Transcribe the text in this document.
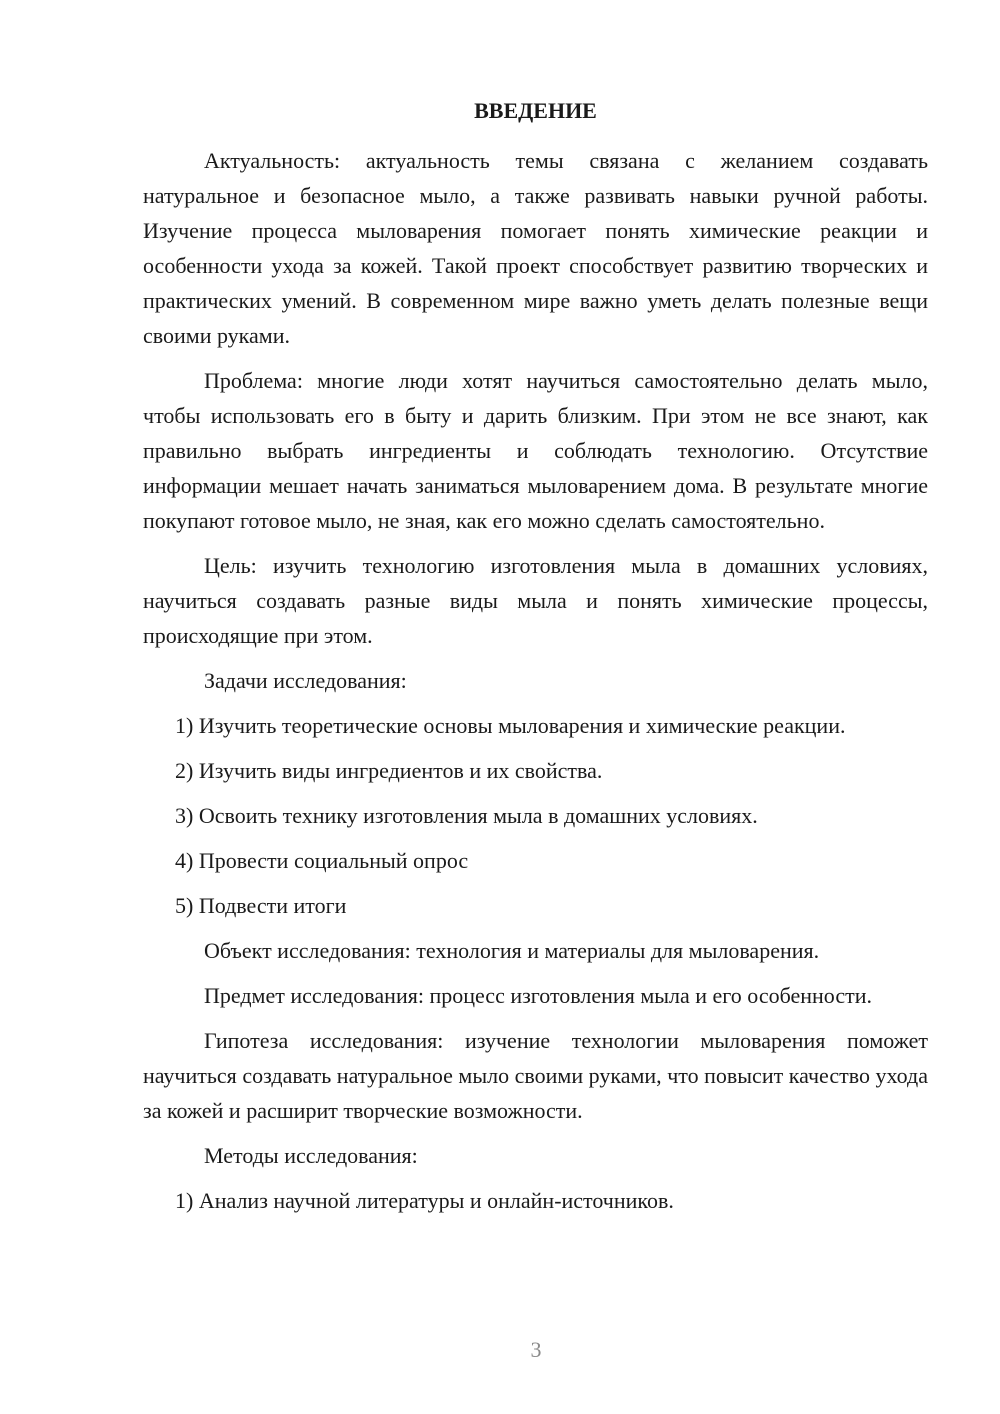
ВВЕДЕНИЕ

Актуальность: актуальность темы связана с желанием создавать натуральное и безопасное мыло, а также развивать навыки ручной работы. Изучение процесса мыловарения помогает понять химические реакции и особенности ухода за кожей. Такой проект способствует развитию творческих и практических умений. В современном мире важно уметь делать полезные вещи своими руками.

Проблема: многие люди хотят научиться самостоятельно делать мыло, чтобы использовать его в быту и дарить близким. При этом не все знают, как правильно выбрать ингредиенты и соблюдать технологию. Отсутствие информации мешает начать заниматься мыловарением дома. В результате многие покупают готовое мыло, не зная, как его можно сделать самостоятельно.

Цель: изучить технологию изготовления мыла в домашних условиях, научиться создавать разные виды мыла и понять химические процессы, происходящие при этом.

Задачи исследования:

1) Изучить теоретические основы мыловарения и химические реакции.

2) Изучить виды ингредиентов и их свойства.

3) Освоить технику изготовления мыла в домашних условиях.

4) Провести социальный опрос

5) Подвести итоги

Объект исследования: технология и материалы для мыловарения.

Предмет исследования: процесс изготовления мыла и его особенности.

Гипотеза исследования: изучение технологии мыловарения поможет научиться создавать натуральное мыло своими руками, что повысит качество ухода за кожей и расширит творческие возможности.

Методы исследования:

1) Анализ научной литературы и онлайн-источников.

3
